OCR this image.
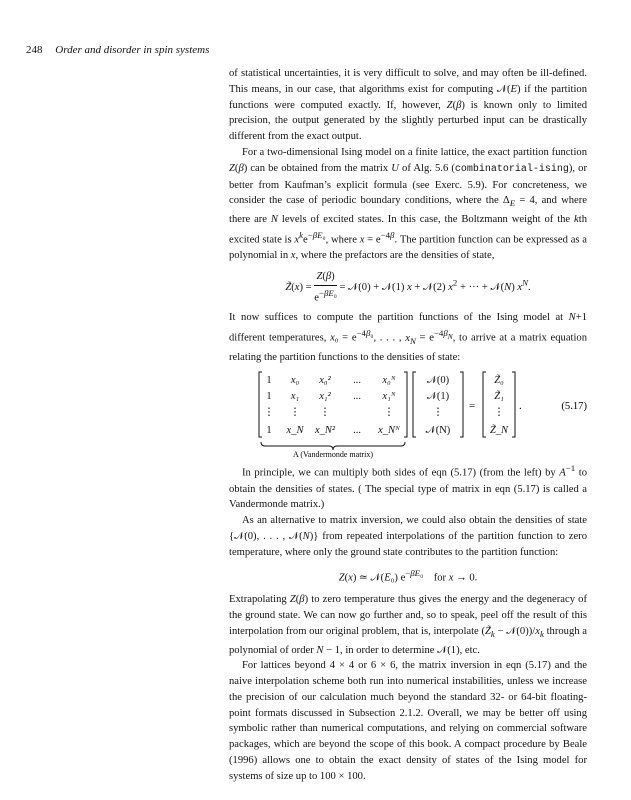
248 Order and disorder in spin systems

of statistical uncertainties, it is very difficult to solve, and may often be ill-defined. This means, in our case, that algorithms exist for computing 𝒩(E) if the partition functions were computed exactly. If, however, Z(β) is known only to limited precision, the output generated by the slightly perturbed input can be drastically different from the exact output.

For a two-dimensional Ising model on a finite lattice, the exact partition function Z(β) can be obtained from the matrix U of Alg. 5.6 (combinatorial-ising), or better from Kaufman’s explicit formula (see Exerc. 5.9). For concreteness, we consider the case of periodic boundary conditions, where the $\Delta_E = 4$, and where there are N levels of excited states. In this case, the Boltzmann weight of the kth excited state is $x^ke^{-\beta E_0}$, where $x = e^{-4\beta}$. The partition function can be expressed as a polynomial in x, where the prefactors are the densities of state,

Z̃(x) = $\frac{Z(\beta)}{e^{-\beta E_0}}$ = 𝒩(0) + 𝒩(1) x + 𝒩(2) $x^2$ + ··· + 𝒩(N) $x^N$.

It now suffices to compute the partition functions of the Ising model at N+1 different temperatures, $x_0 = e^{-4\beta_0}$, . . . , $x_N = e^{-4\beta_N}$, to arrive at a matrix equation relating the partition functions to the densities of state:

1 x₀ x₀² ... x₀ᴺ
1 x₁ x₁² ... x₁ᴺ
⋮ ⋮ ⋮	⋮
1 x_N x_N² ... x_Nᴺ
𝒩(0)
𝒩(1)
⋮
𝒩(N)
Z̃₀
Z̃₁
⋮
Z̃_N
=	.	(5.17)
A (Vandermonde matrix)

In principle, we can multiply both sides of eqn (5.17) (from the left) by $A^{-1}$ to obtain the densities of states. ( The special type of matrix in eqn (5.17) is called a Vandermonde matrix.)

As an alternative to matrix inversion, we could also obtain the densities of state {𝒩(0), . . . , 𝒩(N)} from repeated interpolations of the partition function to zero temperature, where only the ground state contributes to the partition function:

Z(x) ≃ 𝒩(E₀) $e^{-\beta E_0}$    for x → 0.

Extrapolating Z(β) to zero temperature thus gives the energy and the degeneracy of the ground state. We can now go further and, so to speak, peel off the result of this interpolation from our original problem, that is, interpolate ($Z̃_k$ − $𝒩(0))/x_k$ through a polynomial of order N − 1, in order to determine 𝒩(1), etc.

For lattices beyond 4 × 4 or 6 × 6, the matrix inversion in eqn (5.17) and the naive interpolation scheme both run into numerical instabilities, unless we increase the precision of our calculation much beyond the standard 32- or 64-bit floating-point formats discussed in Subsection 2.1.2. Overall, we may be better off using symbolic rather than numerical computations, and relying on commercial software packages, which are beyond the scope of this book. A compact procedure by Beale (1996) allows one to obtain the exact density of states of the Ising model for systems of size up to 100 × 100.
